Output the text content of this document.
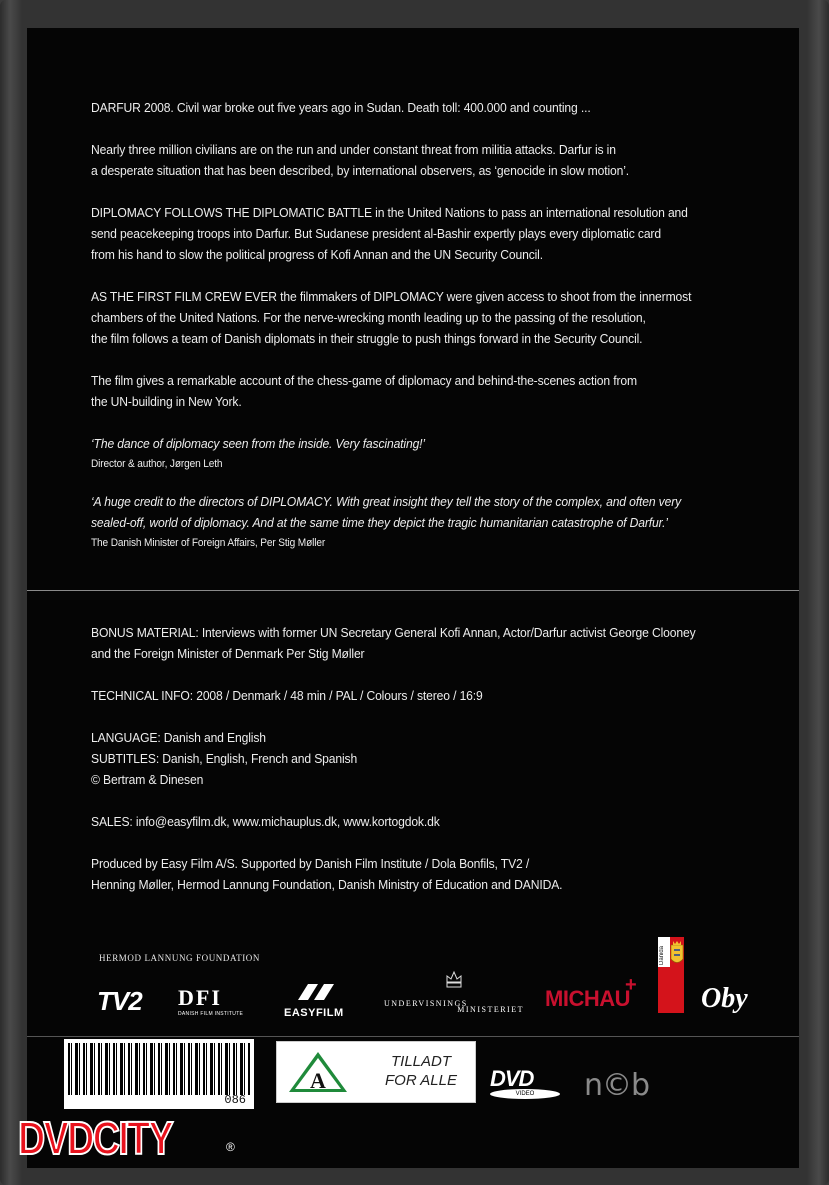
DARFUR 2008. Civil war broke out five years ago in Sudan. Death toll: 400.000 and counting ...

Nearly three million civilians are on the run and under constant threat from militia attacks. Darfur is in
a desperate situation that has been described, by international observers, as ‘genocide in slow motion’.

DIPLOMACY FOLLOWS THE DIPLOMATIC BATTLE in the United Nations to pass an international resolution and
send peacekeeping troops into Darfur. But Sudanese president al-Bashir expertly plays every diplomatic card
from his hand to slow the political progress of Kofi Annan and the UN Security Council.

AS THE FIRST FILM CREW EVER the filmmakers of DIPLOMACY were given access to shoot from the innermost
chambers of the United Nations. For the nerve-wrecking month leading up to the passing of the resolution,
the film follows a team of Danish diplomats in their struggle to push things forward in the Security Council.

The film gives a remarkable account of the chess-game of diplomacy and behind-the-scenes action from
the UN-building in New York.

‘The dance of diplomacy seen from the inside. Very fascinating!’

Director & author, Jørgen Leth

‘A huge credit to the directors of DIPLOMACY. With great insight they tell the story of the complex, and often very
sealed-off, world of diplomacy. And at the same time they depict the tragic humanitarian catastrophe of Darfur.’

The Danish Minister of Foreign Affairs, Per Stig Møller

BONUS MATERIAL: Interviews with former UN Secretary General Kofi Annan, Actor/Darfur activist George Clooney
and the Foreign Minister of Denmark Per Stig Møller

TECHNICAL INFO: 2008 / Denmark / 48 min / PAL / Colours / stereo / 16:9

LANGUAGE: Danish and English

SUBTITLES: Danish, English, French and Spanish

© Bertram & Dinesen

SALES: info@easyfilm.dk, www.michauplus.dk, www.kortogdok.dk

Produced by Easy Film A/S. Supported by Danish Film Institute / Dola Bonfils, TV2 /
Henning Møller, Hermod Lannung Foundation, Danish Ministry of Education and DANIDA.

HERMOD LANNUNG FOUNDATION
TV2 DFI
DANISH FILM INSTITUTE	EASYFILM
UNDERVISNINGS
MINISTERIET MICHAU
+
Danida
Oby
086
A
TILLADT
FOR ALLE	DVD
VIDEO	n©b
DVDCITY	®
